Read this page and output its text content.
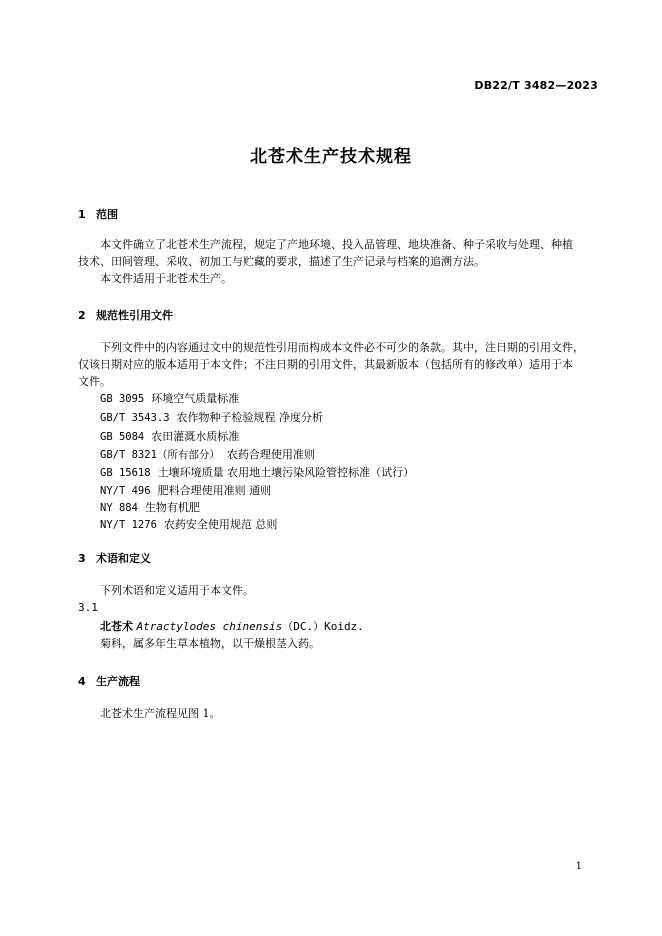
DB22/T 3482—2023
北苍术生产技术规程
1 范围
本文件确立了北苍术生产流程，规定了产地环境、投入品管理、地块准备、种子采收与处理、种植
技术、田间管理、采收、初加工与贮藏的要求，描述了生产记录与档案的追溯方法。
本文件适用于北苍术生产。
2 规范性引用文件
下列文件中的内容通过文中的规范性引用而构成本文件必不可少的条款。其中，注日期的引用文件，
仅该日期对应的版本适用于本文件；不注日期的引用文件，其最新版本（包括所有的修改单）适用于本
文件。
GB 3095 环境空气质量标准
GB/T 3543.3 农作物种子检验规程 净度分析
GB 5084 农田灌溉水质标准
GB/T 8321（所有部分） 农药合理使用准则
GB 15618 土壤环境质量 农用地土壤污染风险管控标准（试行）
NY/T 496 肥料合理使用准则 通则
NY 884 生物有机肥
NY/T 1276 农药安全使用规范 总则
3 术语和定义
下列术语和定义适用于本文件。
3.1
北苍术 Atractylodes chinensis（DC.）Koidz.
菊科，属多年生草本植物，以干燥根茎入药。
4 生产流程
北苍术生产流程见图 1。
1
